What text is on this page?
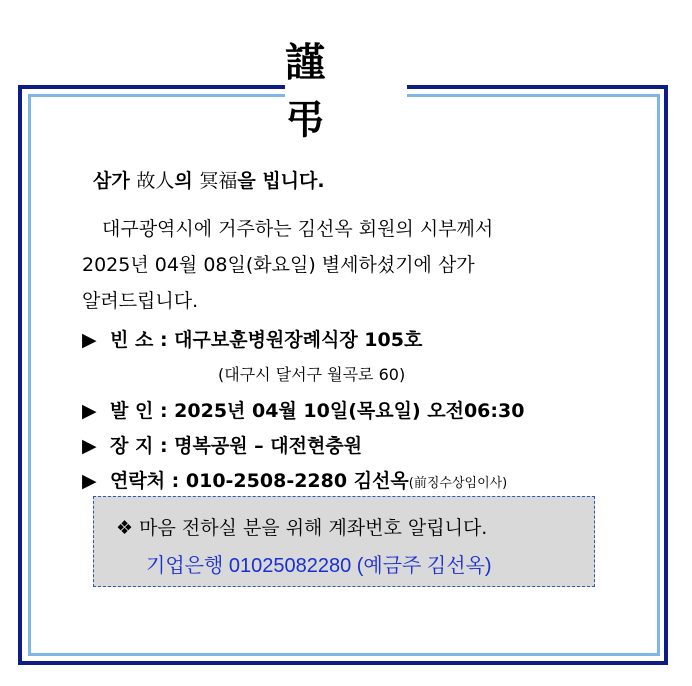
謹 弔
삼가 故人의 冥福을 빕니다.
대구광역시에 거주하는 김선옥 회원의 시부께서
2025년 04월 08일(화요일) 별세하셨기에 삼가
알려드립니다.
▶ 빈 소 : 대구보훈병원장례식장 105호
(대구시 달서구 월곡로 60)
▶ 발 인 : 2025년 04월 10일(목요일) 오전06:30
▶ 장 지 : 명복공원 – 대전현충원
▶ 연락처 : 010-2508-2280 김선옥(前징수상임이사)
❖ 마음 전하실 분을 위해 계좌번호 알립니다.
기업은행 01025082280 (예금주 김선옥)
